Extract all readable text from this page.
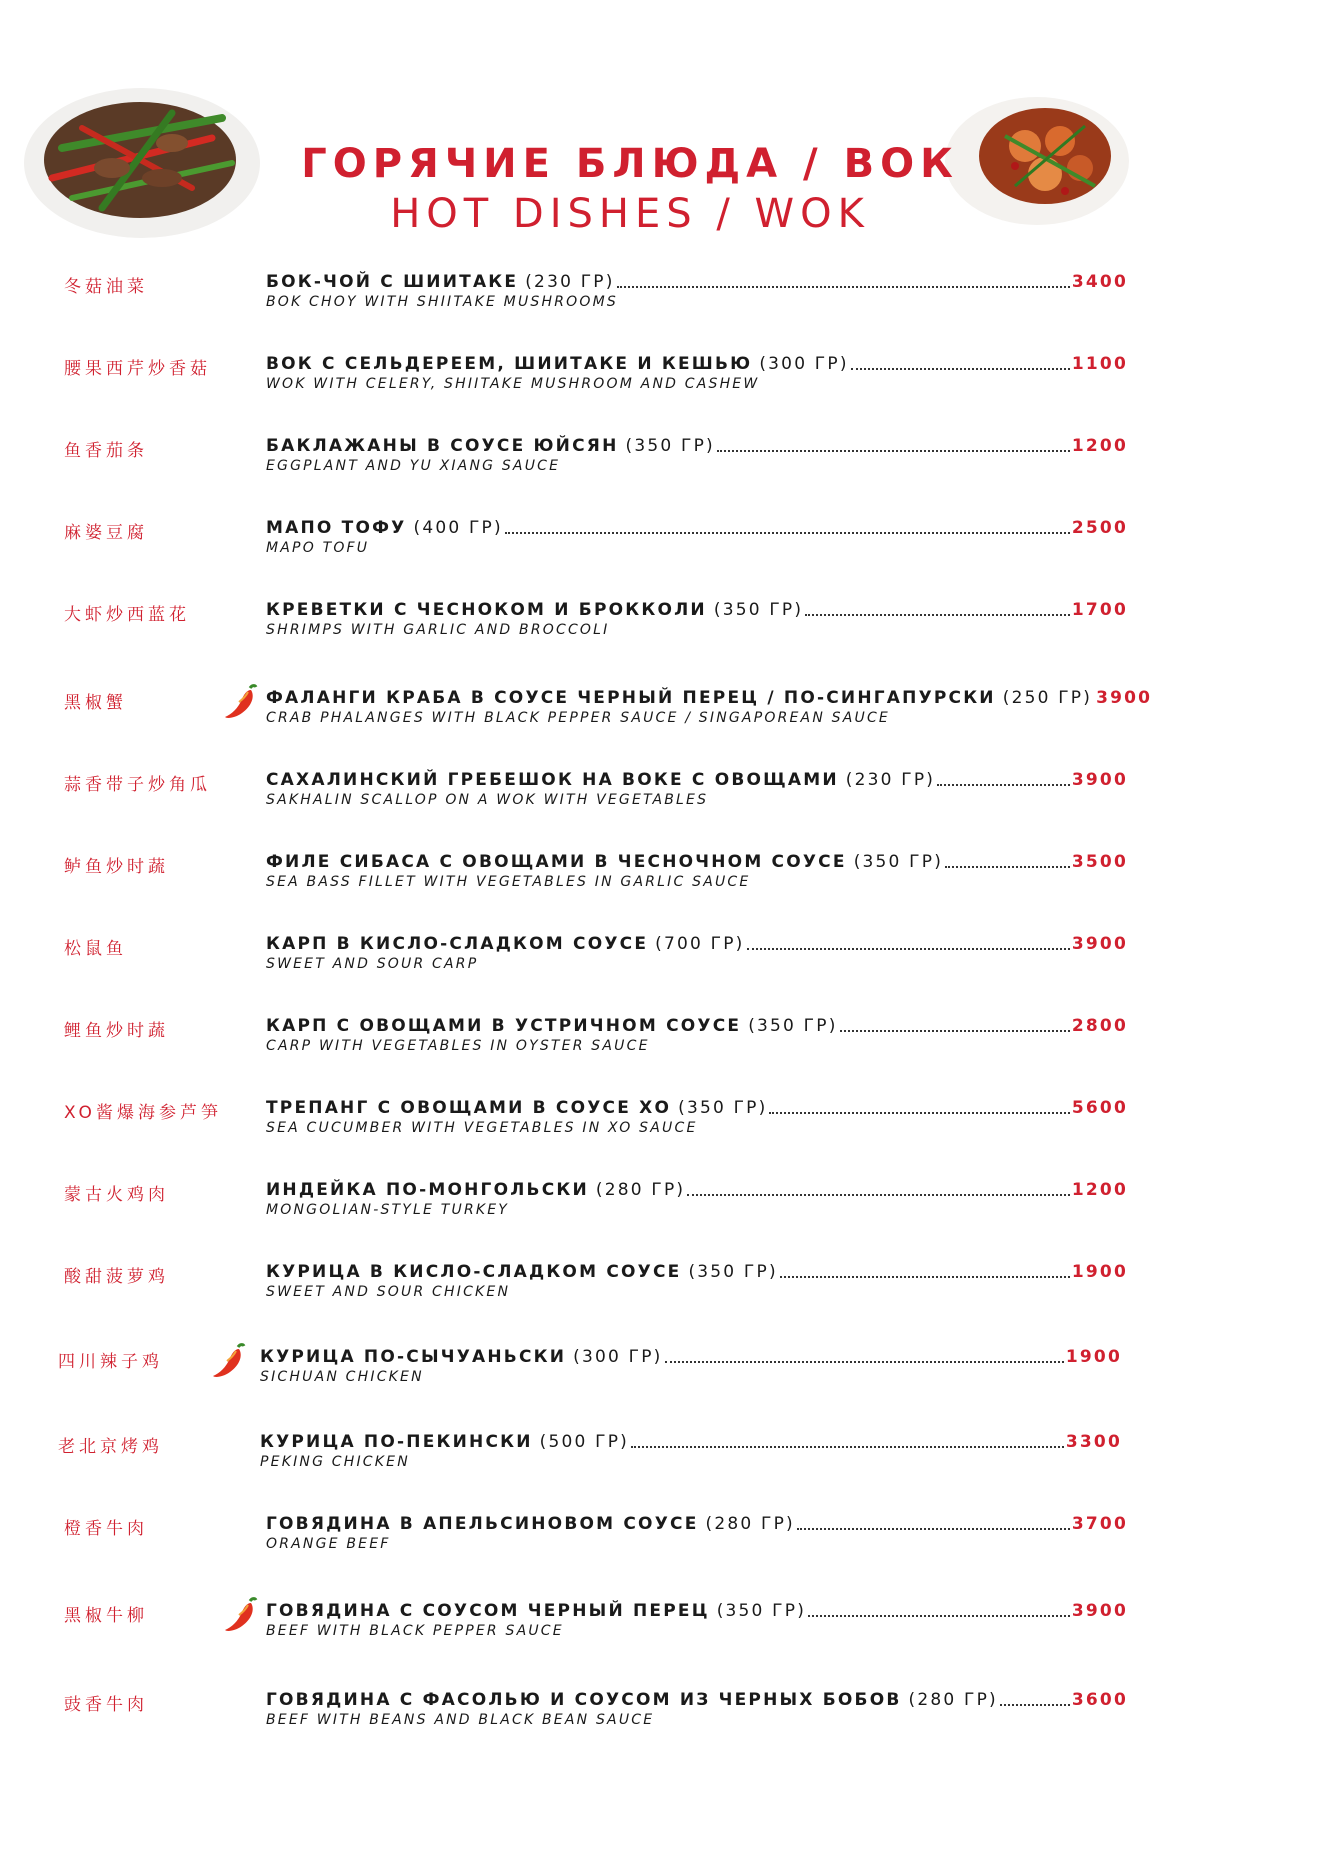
ГОРЯЧИЕ БЛЮДА / ВОК
HOT DISHES / WOK
冬菇油菜	БОК-ЧОЙ С ШИИТАКЕ (230 ГР)	3400
BOK CHOY WITH SHIITAKE MUSHROOMS
腰果西芹炒香菇	ВОК С СЕЛЬДЕРЕЕМ, ШИИТАКЕ И КЕШЬЮ (300 ГР)	1100
WOK WITH CELERY, SHIITAKE MUSHROOM AND CASHEW
鱼香茄条	БАКЛАЖАНЫ В СОУСЕ ЮЙСЯН (350 ГР)	1200
EGGPLANT AND YU XIANG SAUCE
麻婆豆腐	МАПО ТОФУ (400 ГР)	2500
MAPO TOFU
大虾炒西蓝花	КРЕВЕТКИ С ЧЕСНОКОМ И БРОККОЛИ (350 ГР)	1700
SHRIMPS WITH GARLIC AND BROCCOLI
黑椒蟹	ФАЛАНГИ КРАБА В СОУСЕ ЧЕРНЫЙ ПЕРЕЦ / ПО-СИНГАПУРСКИ (250 ГР) 3900
CRAB PHALANGES WITH BLACK PEPPER SAUCE / SINGAPOREAN SAUCE
蒜香带子炒角瓜	САХАЛИНСКИЙ ГРЕБЕШОК НА ВОКЕ С ОВОЩАМИ (230 ГР)	3900
SAKHALIN SCALLOP ON A WOK WITH VEGETABLES
鲈鱼炒时蔬	ФИЛЕ СИБАСА С ОВОЩАМИ В ЧЕСНОЧНОМ СОУСЕ (350 ГР)	3500
SEA BASS FILLET WITH VEGETABLES IN GARLIC SAUCE
松鼠鱼	КАРП В КИСЛО-СЛАДКОМ СОУСЕ (700 ГР)	3900
SWEET AND SOUR CARP
鲤鱼炒时蔬	КАРП С ОВОЩАМИ В УСТРИЧНОМ СОУСЕ (350 ГР)	2800
CARP WITH VEGETABLES IN OYSTER SAUCE
XO酱爆海参芦笋	ТРЕПАНГ С ОВОЩАМИ В СОУСЕ ХО (350 ГР)	5600
SEA CUCUMBER WITH VEGETABLES IN XO SAUCE
蒙古火鸡肉	ИНДЕЙКА ПО-МОНГОЛЬСКИ (280 ГР)	1200
MONGOLIAN-STYLE TURKEY
酸甜菠萝鸡	КУРИЦА В КИСЛО-СЛАДКОМ СОУСЕ (350 ГР)	1900
SWEET AND SOUR CHICKEN
四川辣子鸡	КУРИЦА ПО-СЫЧУАНЬСКИ (300 ГР)	1900
SICHUAN CHICKEN
老北京烤鸡	КУРИЦА ПО-ПЕКИНСКИ (500 ГР)	3300
PEKING CHICKEN
橙香牛肉	ГОВЯДИНА В АПЕЛЬСИНОВОМ СОУСЕ (280 ГР)	3700
ORANGE BEEF
黑椒牛柳	ГОВЯДИНА С СОУСОМ ЧЕРНЫЙ ПЕРЕЦ (350 ГР)	3900
BEEF WITH BLACK PEPPER SAUCE
豉香牛肉	ГОВЯДИНА С ФАСОЛЬЮ И СОУСОМ ИЗ ЧЕРНЫХ БОБОВ (280 ГР)	3600
BEEF WITH BEANS AND BLACK BEAN SAUCE
